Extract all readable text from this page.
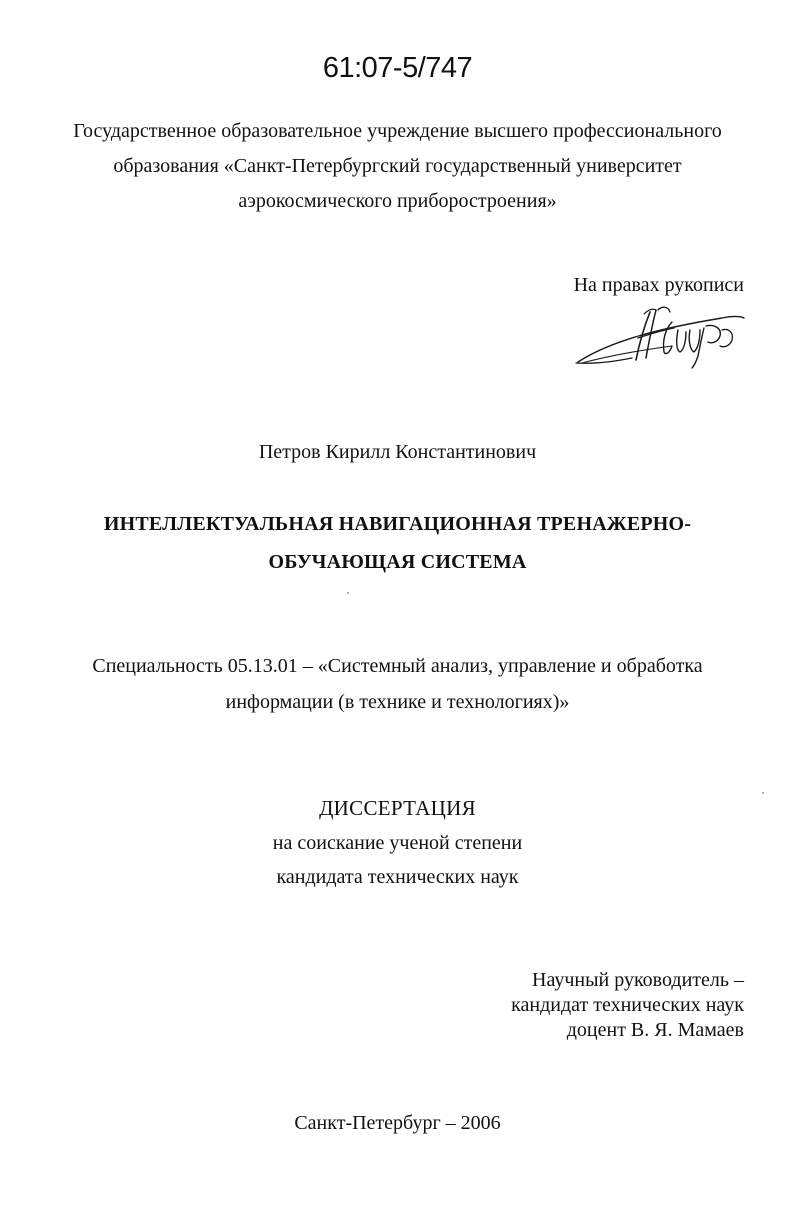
61:07-5/747
Государственное образовательное учреждение высшего профессионального
образования «Санкт-Петербургский государственный университет
аэрокосмического приборостроения»
На правах рукописи
Петров Кирилл Константинович
ИНТЕЛЛЕКТУАЛЬНАЯ НАВИГАЦИОННАЯ ТРЕНАЖЕРНО-
ОБУЧАЮЩАЯ СИСТЕМА
Специальность 05.13.01 – «Системный анализ, управление и обработка
информации (в технике и технологиях)»
ДИССЕРТАЦИЯ
на соискание ученой степени
кандидата технических наук
Научный руководитель –
кандидат технических наук
доцент В. Я. Мамаев
Санкт-Петербург – 2006
